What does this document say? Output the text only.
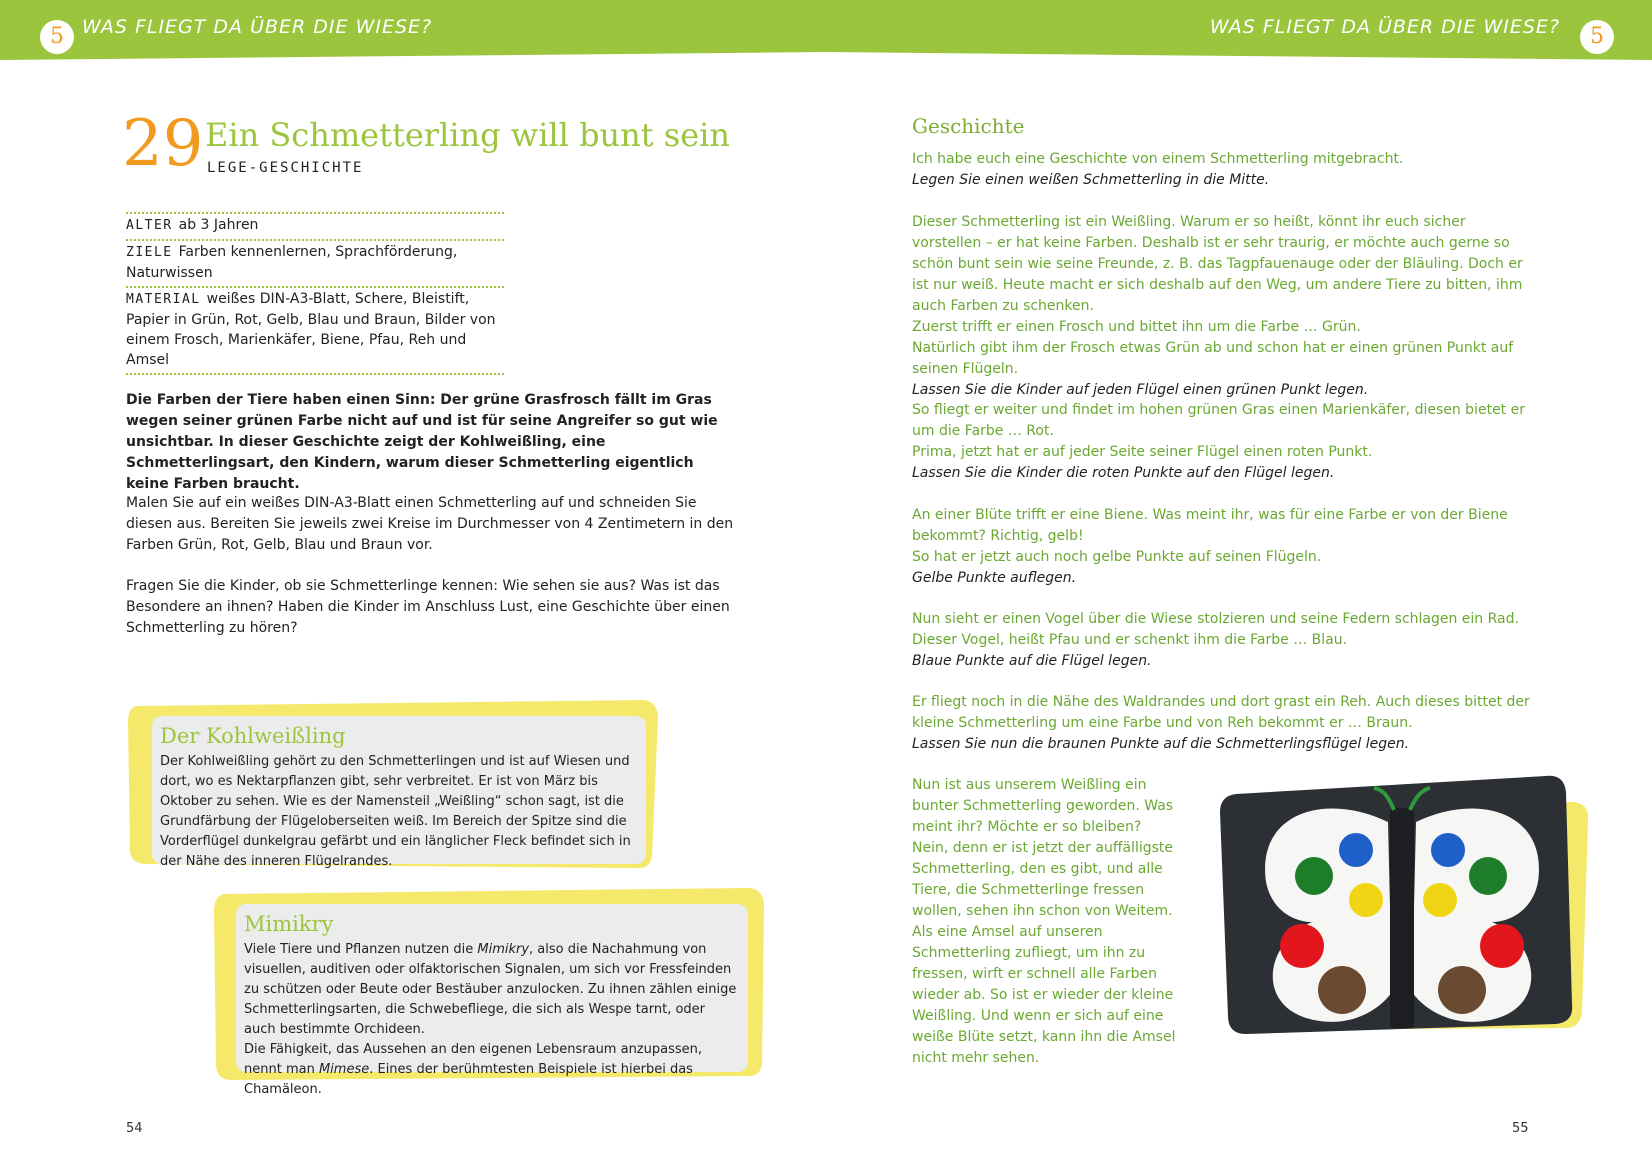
5 WAS FLIEGT DA ÜBER DIE WIESE?	WAS FLIEGT DA ÜBER DIE WIESE?	5
29 Ein Schmetterling will bunt sein
LEGE-GESCHICHTE
ALTER ab 3 Jahren
ZIELE Farben kennenlernen, Sprachförderung, Naturwissen
MATERIAL weißes DIN-A3-Blatt, Schere, Bleistift, Papier in Grün, Rot, Gelb, Blau und Braun, Bilder von einem Frosch, Marienkäfer, Biene, Pfau, Reh und Amsel
Die Farben der Tiere haben einen Sinn: Der grüne Grasfrosch fällt im Gras wegen seiner grünen Farbe nicht auf und ist für seine Angreifer so gut wie unsichtbar. In dieser Geschichte zeigt der Kohlweißling, eine Schmetterlingsart, den Kindern, warum dieser Schmetterling eigentlich keine Farben braucht.
Malen Sie auf ein weißes DIN-A3-Blatt einen Schmetterling auf und schneiden Sie diesen aus. Bereiten Sie jeweils zwei Kreise im Durchmesser von 4 Zentimetern in den Farben Grün, Rot, Gelb, Blau und Braun vor.
Fragen Sie die Kinder, ob sie Schmetterlinge kennen: Wie sehen sie aus? Was ist das Besondere an ihnen? Haben die Kinder im Anschluss Lust, eine Geschichte über einen Schmetterling zu hören?
Der Kohlweißling
Der Kohlweißling gehört zu den Schmetterlingen und ist auf Wiesen und dort, wo es Nektarpflanzen gibt, sehr verbreitet. Er ist von März bis Oktober zu sehen. Wie es der Namensteil „Weißling“ schon sagt, ist die Grundfärbung der Flügeloberseiten weiß. Im Bereich der Spitze sind die Vorderflügel dunkelgrau gefärbt und ein länglicher Fleck befindet sich in der Nähe des inneren Flügelrandes.
Mimikry
Viele Tiere und Pflanzen nutzen die Mimikry, also die Nachahmung von visuellen, auditiven oder olfaktorischen Signalen, um sich vor Fressfeinden zu schützen oder Beute oder Bestäuber anzulocken. Zu ihnen zählen einige Schmetterlingsarten, die Schwebefliege, die sich als Wespe tarnt, oder auch bestimmte Orchideen.
Die Fähigkeit, das Aussehen an den eigenen Lebensraum anzupassen, nennt man Mimese. Eines der berühmtesten Beispiele ist hierbei das Chamäleon.
54
Geschichte
Ich habe euch eine Geschichte von einem Schmetterling mitgebracht.
Legen Sie einen weißen Schmetterling in die Mitte.
Dieser Schmetterling ist ein Weißling. Warum er so heißt, könnt ihr euch sicher vorstellen – er hat keine Farben. Deshalb ist er sehr traurig, er möchte auch gerne so schön bunt sein wie seine Freunde, z. B. das Tagpfauenauge oder der Bläuling. Doch er ist nur weiß. Heute macht er sich deshalb auf den Weg, um andere Tiere zu bitten, ihm auch Farben zu schenken.
Zuerst trifft er einen Frosch und bittet ihn um die Farbe … Grün.
Natürlich gibt ihm der Frosch etwas Grün ab und schon hat er einen grünen Punkt auf seinen Flügeln.
Lassen Sie die Kinder auf jeden Flügel einen grünen Punkt legen.
So fliegt er weiter und findet im hohen grünen Gras einen Marienkäfer, diesen bietet er um die Farbe … Rot.
Prima, jetzt hat er auf jeder Seite seiner Flügel einen roten Punkt.
Lassen Sie die Kinder die roten Punkte auf den Flügel legen.
An einer Blüte trifft er eine Biene. Was meint ihr, was für eine Farbe er von der Biene bekommt? Richtig, gelb!
So hat er jetzt auch noch gelbe Punkte auf seinen Flügeln.
Gelbe Punkte auflegen.
Nun sieht er einen Vogel über die Wiese stolzieren und seine Federn schlagen ein Rad. Dieser Vogel, heißt Pfau und er schenkt ihm die Farbe … Blau.
Blaue Punkte auf die Flügel legen.
Er fliegt noch in die Nähe des Waldrandes und dort grast ein Reh. Auch dieses bittet der kleine Schmetterling um eine Farbe und von Reh bekommt er … Braun.
Lassen Sie nun die braunen Punkte auf die Schmetterlingsflügel legen.
Nun ist aus unserem Weißling ein bunter Schmetterling geworden. Was meint ihr? Möchte er so bleiben? Nein, denn er ist jetzt der auffälligste Schmetterling, den es gibt, und alle Tiere, die Schmetterlinge fressen wollen, sehen ihn schon von Weitem. Als eine Amsel auf unseren Schmetterling zufliegt, um ihn zu fressen, wirft er schnell alle Farben wieder ab. So ist er wieder der kleine Weißling. Und wenn er sich auf eine weiße Blüte setzt, kann ihn die Amsel nicht mehr sehen.
55
